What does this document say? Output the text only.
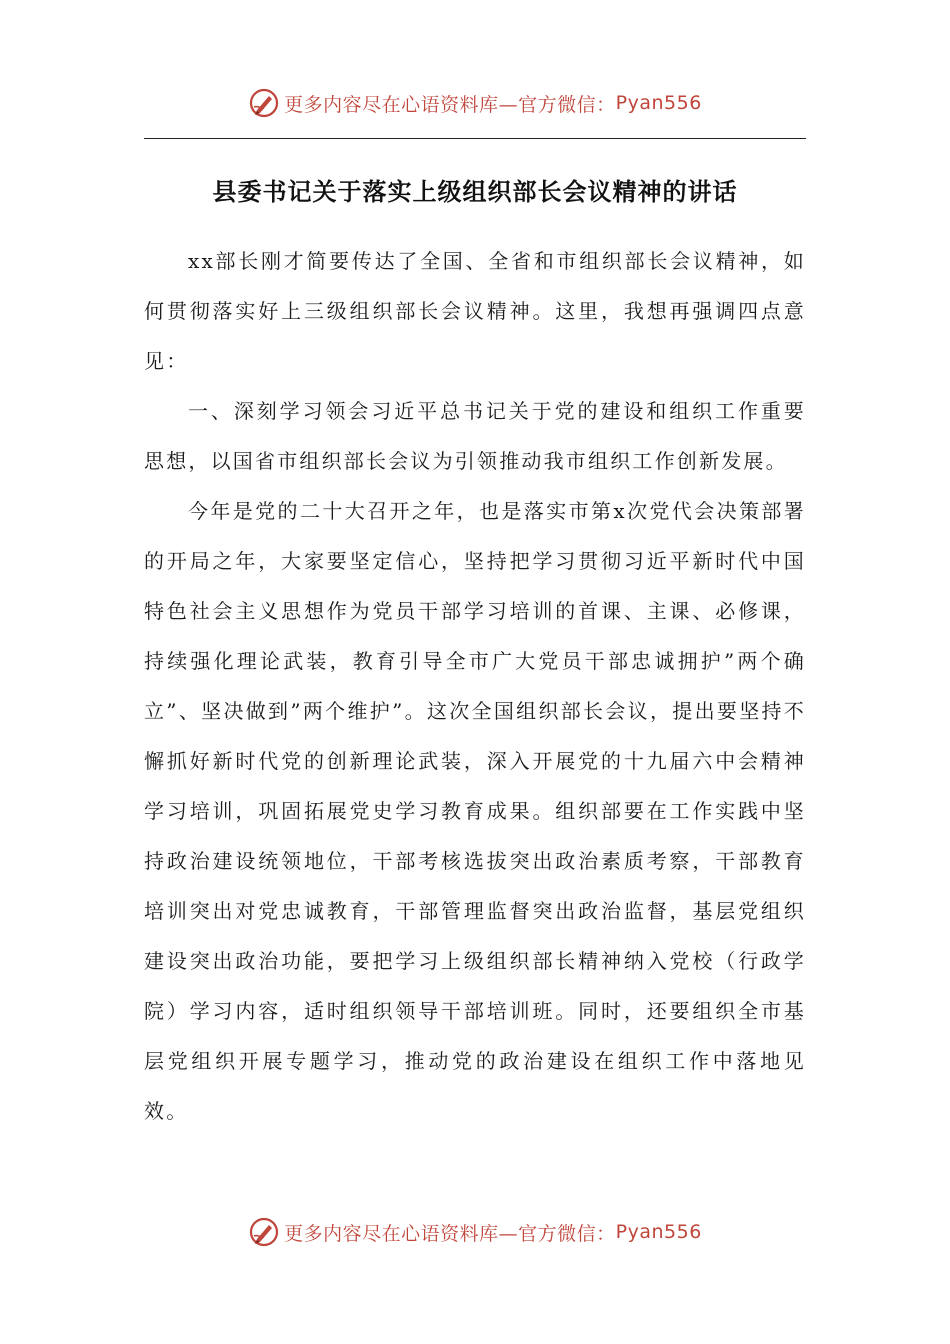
更多内容尽在心语资料库—官方微信： Pyan556
县委书记关于落实上级组织部长会议精神的讲话

xx部长刚才简要传达了全国、全省和市组织部长会议精神，如何贯彻落实好上三级组织部长会议精神。这里，我想再强调四点意见：

一、深刻学习领会习近平总书记关于党的建设和组织工作重要思想，以国省市组织部长会议为引领推动我市组织工作创新发展。

今年是党的二十大召开之年，也是落实市第x次党代会决策部署的开局之年，大家要坚定信心，坚持把学习贯彻习近平新时代中国特色社会主义思想作为党员干部学习培训的首课、主课、必修课，持续强化理论武装，教育引导全市广大党员干部忠诚拥护”两个确立”、坚决做到”两个维护”。这次全国组织部长会议，提出要坚持不懈抓好新时代党的创新理论武装，深入开展党的十九届六中会精神学习培训，巩固拓展党史学习教育成果。组织部要在工作实践中坚持政治建设统领地位，干部考核选拔突出政治素质考察，干部教育培训突出对党忠诚教育，干部管理监督突出政治监督，基层党组织建设突出政治功能，要把学习上级组织部长精神纳入党校（行政学院）学习内容，适时组织领导干部培训班。同时，还要组织全市基层党组织开展专题学习，推动党的政治建设在组织工作中落地见效。

更多内容尽在心语资料库—官方微信： Pyan556
